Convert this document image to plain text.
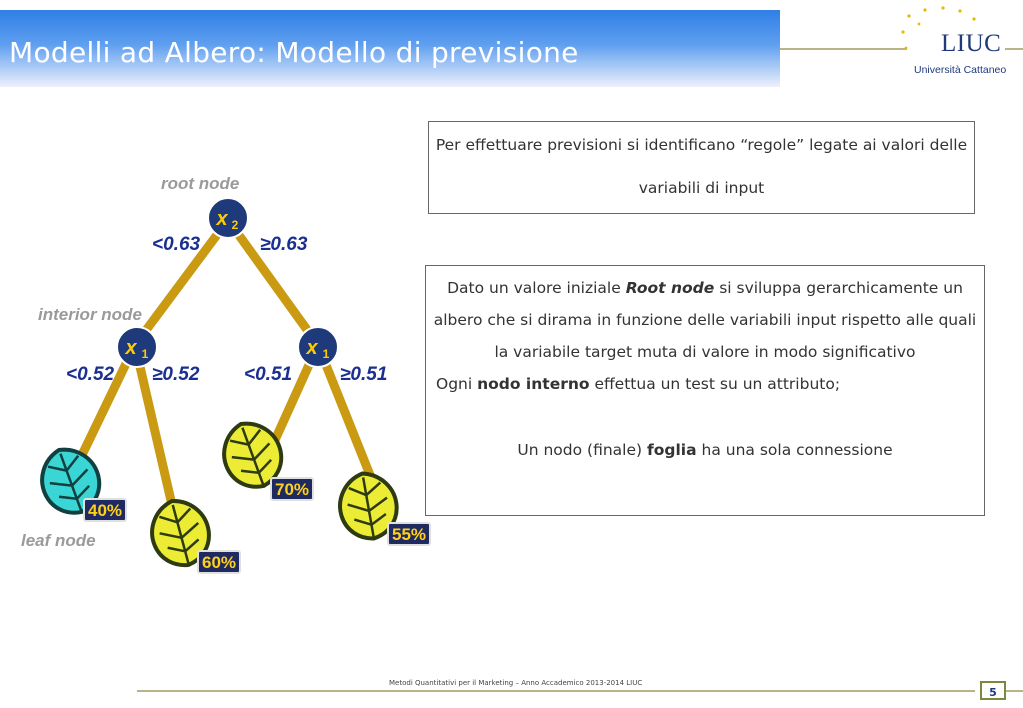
Modelli ad Albero: Modello di previsione	LIUC
Università Cattaneo
40%
60%
70%
55%
x 2
x 1	x 1
<0.63	≥0.63
<0.52 ≥0.52 <0.51	≥0.51
root node
interior node
leaf node
Per effettuare previsioni si identificano “regole” legate ai valori delle variabili di input
Dato un valore iniziale Root node si sviluppa gerarchicamente un albero che si dirama in funzione delle variabili input rispetto alle quali la variabile target muta di valore in modo significativo
Ogni nodo interno effettua un test su un attributo;
Un nodo (finale) foglia ha una sola connessione
Metodi Quantitativi per il Marketing – Anno Accademico 2013-2014 LIUC
5
